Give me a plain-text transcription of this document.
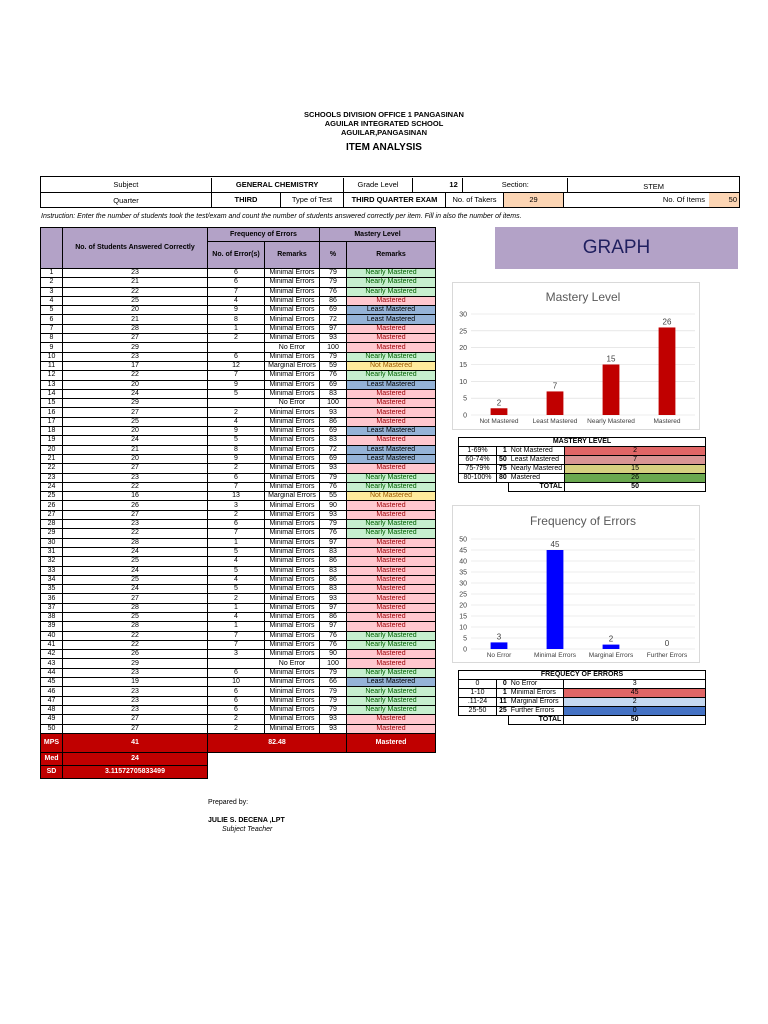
SCHOOLS DIVISION OFFICE 1 PANGASINAN
AGUILAR INTEGRATED SCHOOL
AGUILAR,PANGASINAN
ITEM ANALYSIS
Subject	GENERAL CHEMISTRY	Grade Level	12	Section:	STEM
Quarter	THIRD	Type of Test	THIRD QUARTER EXAM	No. of Takers	29	No. Of Items	50
Instruction: Enter the number of students took the test/exam and count the number of students answered correctly per item. Fill in also the number of items.
	No. of Students Answered Correctly	Frequency of Errors		Mastery Level	
		No. of Error(s)	Remarks	%	Remarks
1	23	6	Minimal Errors	79	Nearly Mastered
2	21	6	Minimal Errors	79	Nearly Mastered
3	22	7	Minimal Errors	76	Nearly Mastered
4	25	4	Minimal Errors	86	Mastered
5	20	9	Minimal Errors	69	Least Mastered
6	21	8	Minimal Errors	72	Least Mastered
7	28	1	Minimal Errors	97	Mastered
8	27	2	Minimal Errors	93	Mastered
9	29		No Error	100	Mastered
10	23	6	Minimal Errors	79	Nearly Mastered
11	17	12	Marginal Errors	59	Not Mastered
12	22	7	Minimal Errors	76	Nearly Mastered
13	20	9	Minimal Errors	69	Least Mastered
14	24	5	Minimal Errors	83	Mastered
15	29		No Error	100	Mastered
16	27	2	Minimal Errors	93	Mastered
17	25	4	Minimal Errors	86	Mastered
18	20	9	Minimal Errors	69	Least Mastered
19	24	5	Minimal Errors	83	Mastered
20	21	8	Minimal Errors	72	Least Mastered
21	20	9	Minimal Errors	69	Least Mastered
22	27	2	Minimal Errors	93	Mastered
23	23	6	Minimal Errors	79	Nearly Mastered
24	22	7	Minimal Errors	76	Nearly Mastered
25	16	13	Marginal Errors	55	Not Mastered
26	26	3	Minimal Errors	90	Mastered
27	27	2	Minimal Errors	93	Mastered
28	23	6	Minimal Errors	79	Nearly Mastered
29	22	7	Minimal Errors	76	Nearly Mastered
30	28	1	Minimal Errors	97	Mastered
31	24	5	Minimal Errors	83	Mastered
32	25	4	Minimal Errors	86	Mastered
33	24	5	Minimal Errors	83	Mastered
34	25	4	Minimal Errors	86	Mastered
35	24	5	Minimal Errors	83	Mastered
36	27	2	Minimal Errors	93	Mastered
37	28	1	Minimal Errors	97	Mastered
38	25	4	Minimal Errors	86	Mastered
39	28	1	Minimal Errors	97	Mastered
40	22	7	Minimal Errors	76	Nearly Mastered
41	22	7	Minimal Errors	76	Nearly Mastered
42	26	3	Minimal Errors	90	Mastered
43	29		No Error	100	Mastered
44	23	6	Minimal Errors	79	Nearly Mastered
45	19	10	Minimal Errors	66	Least Mastered
46	23	6	Minimal Errors	79	Nearly Mastered
47	23	6	Minimal Errors	79	Nearly Mastered
48	23	6	Minimal Errors	79	Nearly Mastered
49	27	2	Minimal Errors	93	Mastered
50	27	2	Minimal Errors	93	Mastered
MPS	41	82.48			Mastered
Med	24				
SD	3.11572705833499				
GRAPH
Mastery Level
0
5
10
15
20
25
30
2
Not Mastered
7
Least Mastered
15
Nearly Mastered
26
Mastered
MASTERY LEVEL			
1-69%	1	Not Mastered	2
60-74%	50	Least Mastered	7
75-79%	75	Nearly Mastered	15
80-100%	80	Mastered	26
		TOTAL	50
Frequency of Errors
0
5
10
15
20
25
30
35
40
45
50
3
No Error
45
Minimal Errors
2
Marginal Errors
0
Further Errors
FREQUECY OF ERRORS			
0	0	No Error	3
1-10	1	Minimal Errors	45
.11-24	11	Marginal Errors	2
25-50	25	Further Errors	0
		TOTAL	50
Prepared by:
JULIE S. DECENA ,LPT
Subject Teacher
